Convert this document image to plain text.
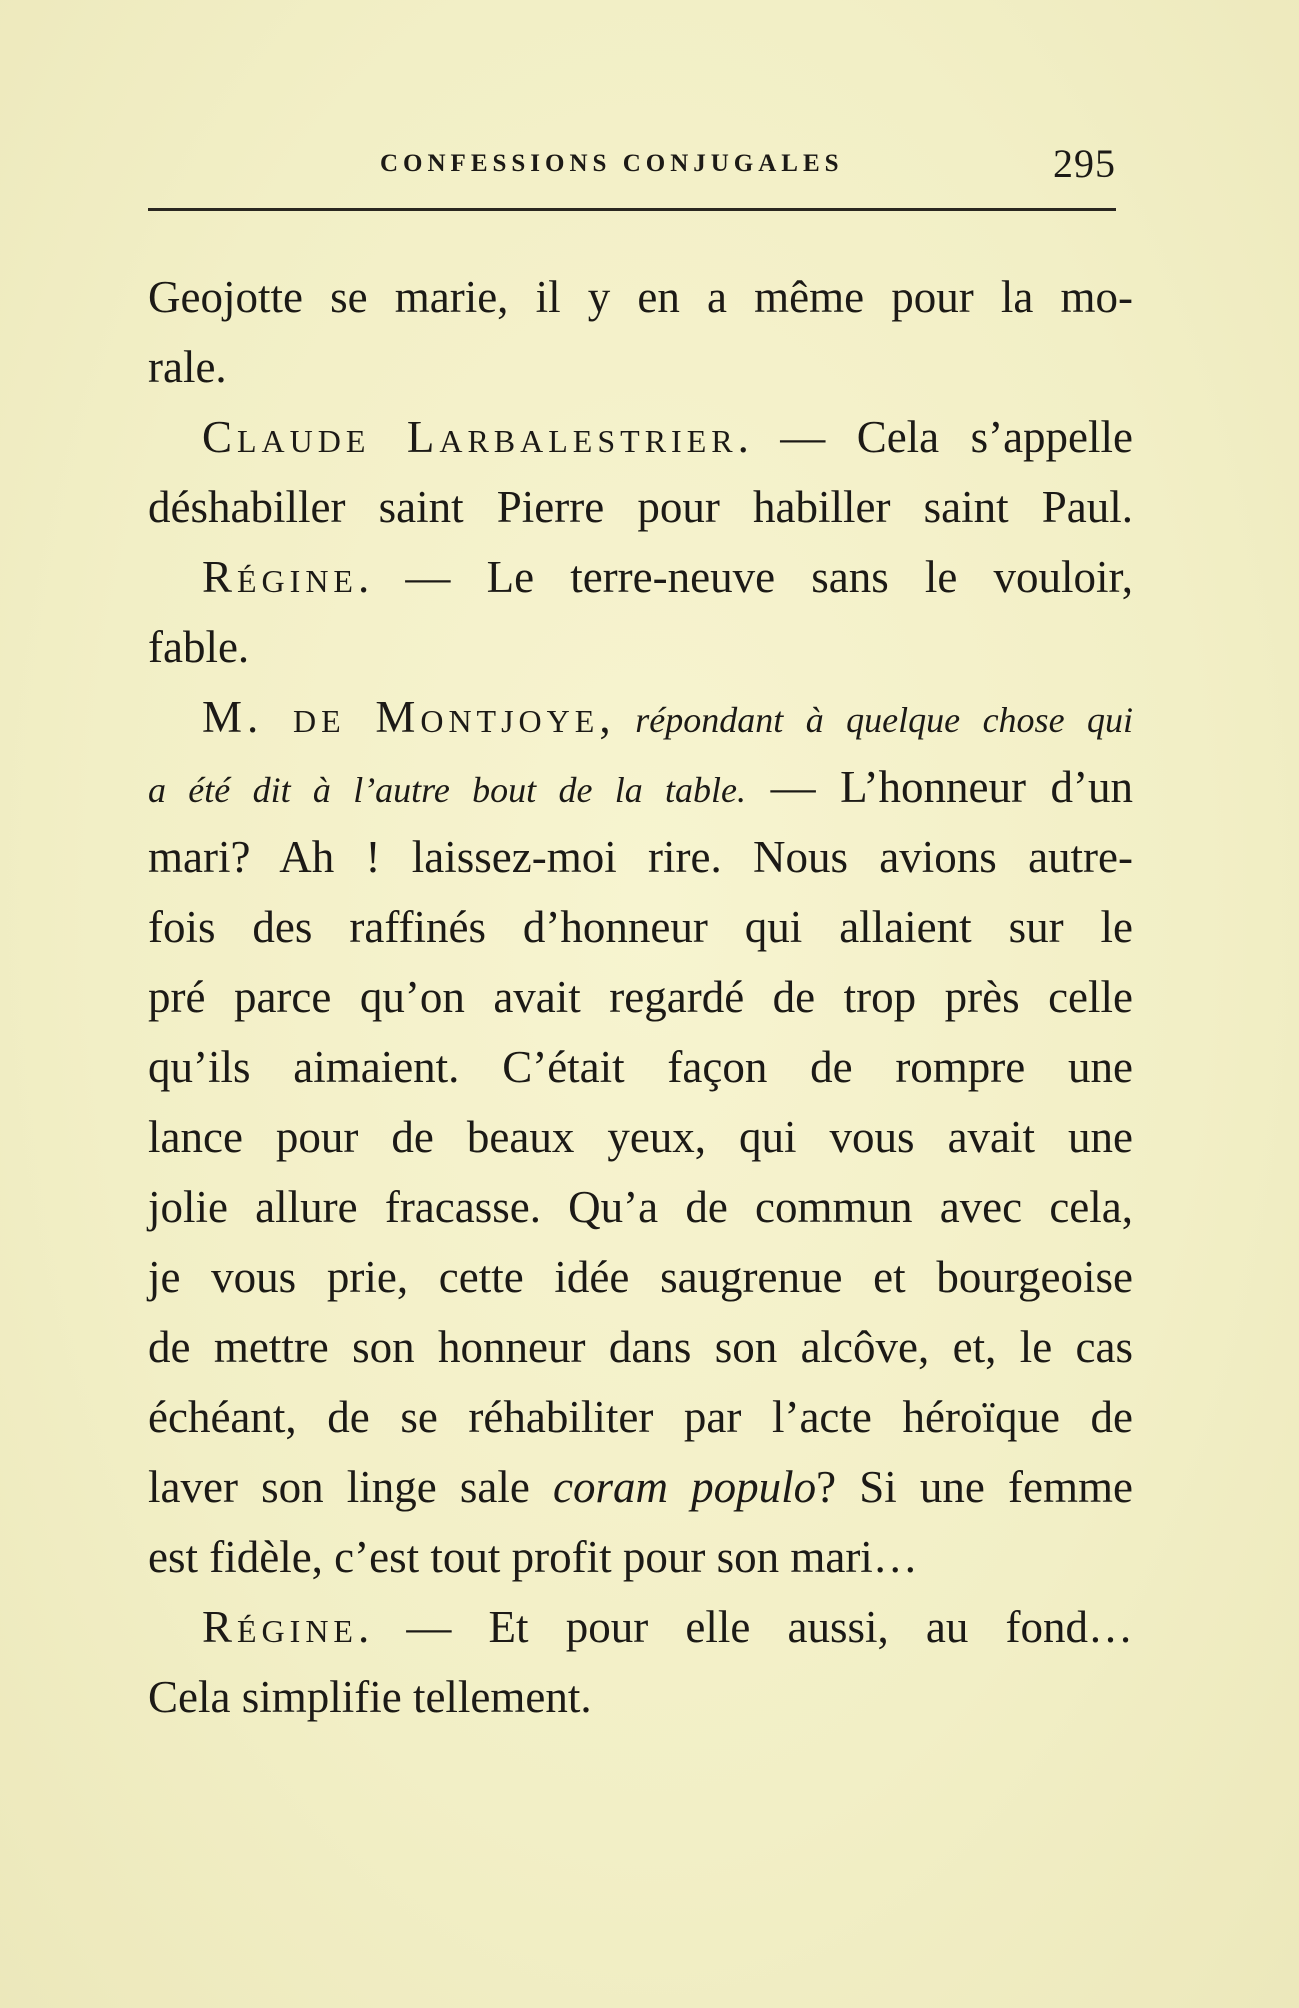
CONFESSIONS CONJUGALES	295
Geojotte se marie, il y en a même pour la mo-
rale.
Claude Larbalestrier. — Cela s’appelle
déshabiller saint Pierre pour habiller saint Paul.
Régine. — Le terre-neuve sans le vouloir,
fable.
M. de Montjoye, répondant à quelque chose qui
a été dit à l’autre bout de la table. — L’honneur d’un
mari? Ah ! laissez-moi rire. Nous avions autre-
fois des raffinés d’honneur qui allaient sur le
pré parce qu’on avait regardé de trop près celle
qu’ils aimaient. C’était façon de rompre une
lance pour de beaux yeux, qui vous avait une
jolie allure fracasse. Qu’a de commun avec cela,
je vous prie, cette idée saugrenue et bourgeoise
de mettre son honneur dans son alcôve, et, le cas
échéant, de se réhabiliter par l’acte héroïque de
laver son linge sale coram populo? Si une femme
est fidèle, c’est tout profit pour son mari…
Régine. — Et pour elle aussi, au fond…
Cela simplifie tellement.
